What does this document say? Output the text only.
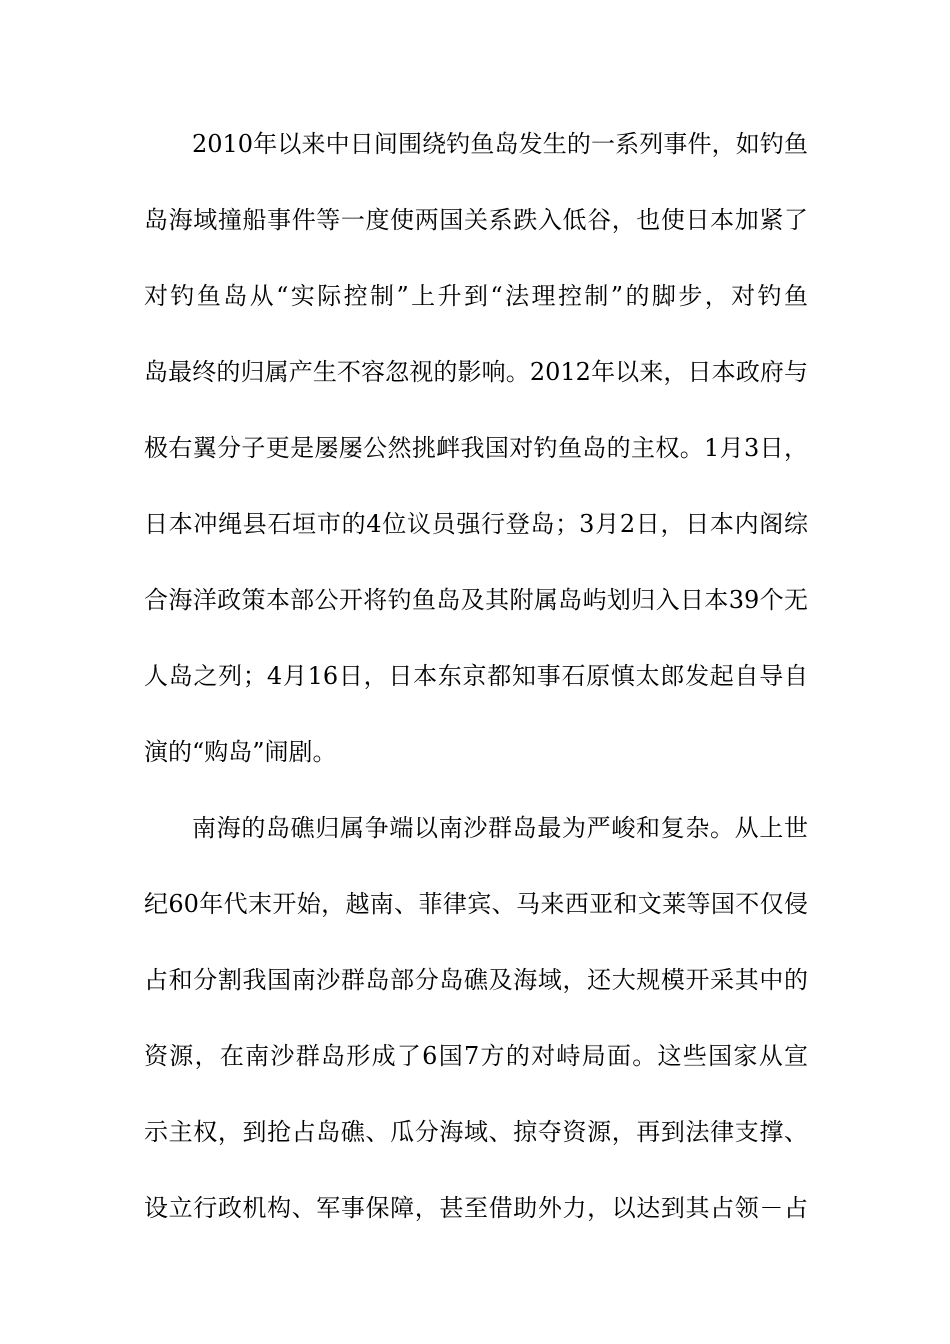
2010年以来中日间围绕钓鱼岛发生的一系列事件，如钓鱼
岛海域撞船事件等一度使两国关系跌入低谷，也使日本加紧了
对钓鱼岛从“实际控制”上升到“法理控制”的脚步，对钓鱼
岛最终的归属产生不容忽视的影响。2012年以来，日本政府与
极右翼分子更是屡屡公然挑衅我国对钓鱼岛的主权。1月3日，
日本冲绳县石垣市的4位议员强行登岛；3月2日，日本内阁综
合海洋政策本部公开将钓鱼岛及其附属岛屿划归入日本39个无
人岛之列；4月16日，日本东京都知事石原慎太郎发起自导自
演的“购岛”闹剧。
南海的岛礁归属争端以南沙群岛最为严峻和复杂。从上世
纪60年代末开始，越南、菲律宾、马来西亚和文莱等国不仅侵
占和分割我国南沙群岛部分岛礁及海域，还大规模开采其中的
资源，在南沙群岛形成了6国7方的对峙局面。这些国家从宣
示主权，到抢占岛礁、瓜分海域、掠夺资源，再到法律支撑、
设立行政机构、军事保障，甚至借助外力，以达到其占领－占
